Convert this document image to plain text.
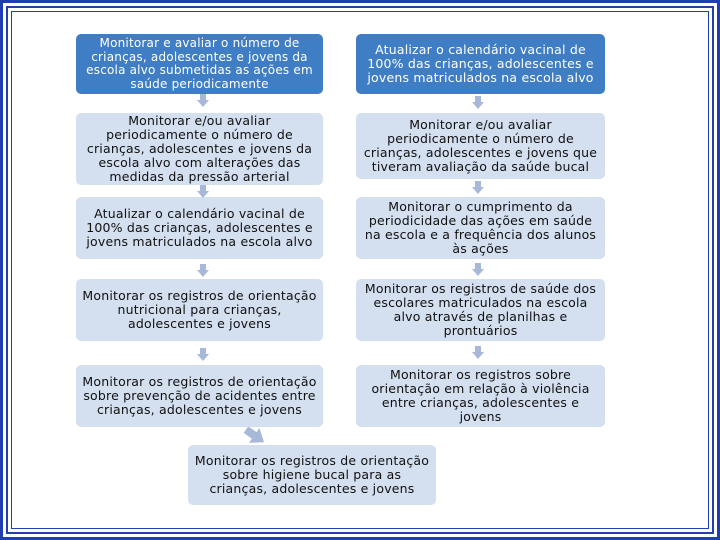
Monitorar e avaliar o número de crianças, adolescentes e jovens da escola alvo submetidas as ações em saúde periodicamente
Atualizar o calendário vacinal de 100% das crianças, adolescentes e jovens matriculados na escola alvo
Monitorar e/ou avaliar periodicamente o número de crianças, adolescentes e jovens da escola alvo com alterações das medidas da pressão arterial
Monitorar e/ou avaliar periodicamente o número de crianças, adolescentes e jovens que tiveram avaliação da saúde bucal
Atualizar o calendário vacinal de 100% das crianças, adolescentes e jovens matriculados na escola alvo
Monitorar o cumprimento da periodicidade das ações em saúde na escola e a frequência dos alunos às ações
Monitorar os registros de orientação nutricional para crianças, adolescentes e jovens
Monitorar os registros de saúde dos escolares matriculados na escola alvo através de planilhas e prontuários
Monitorar os registros de orientação sobre prevenção de acidentes entre crianças, adolescentes e jovens
Monitorar os registros sobre orientação em relação à violência entre crianças, adolescentes e jovens
Monitorar os registros de orientação sobre higiene bucal para as crianças, adolescentes e jovens
